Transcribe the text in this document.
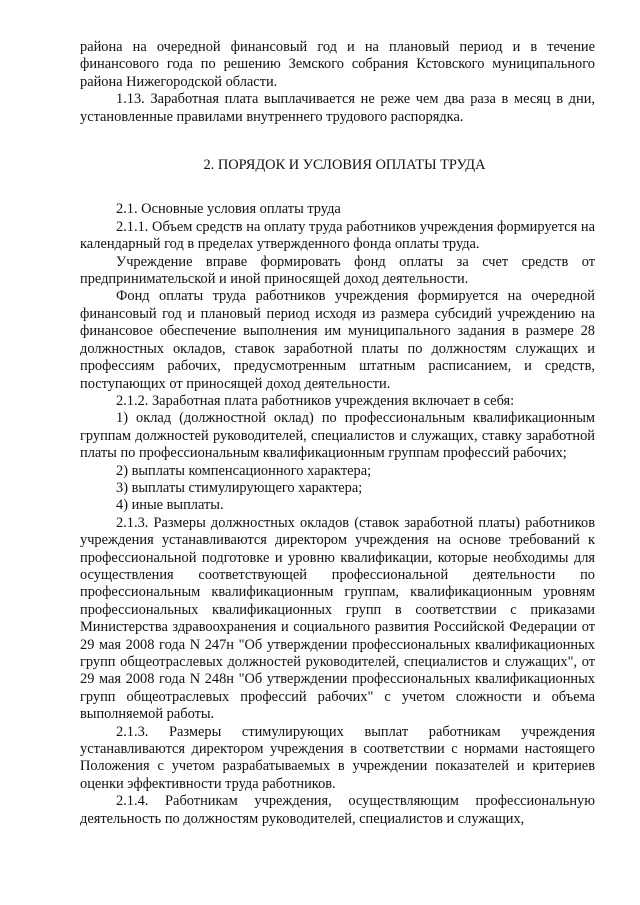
района на очередной финансовый год и на плановый период и в течение финансового года по решению Земского собрания Кстовского муниципального района Нижегородской области.

1.13. Заработная плата выплачивается не реже чем два раза в месяц в дни, установленные правилами внутреннего трудового распорядка.

2. ПОРЯДОК И УСЛОВИЯ ОПЛАТЫ ТРУДА

2.1. Основные условия оплаты труда

2.1.1. Объем средств на оплату труда работников учреждения формируется на календарный год в пределах утвержденного фонда оплаты труда.

Учреждение вправе формировать фонд оплаты за счет средств от предпринимательской и иной приносящей доход деятельности.

Фонд оплаты труда работников учреждения формируется на очередной финансовый год и плановый период исходя из размера субсидий учреждению на финансовое обеспечение выполнения им муниципального задания в размере 28 должностных окладов, ставок заработной платы по должностям служащих и профессиям рабочих, предусмотренным штатным расписанием, и средств, поступающих от приносящей доход деятельности.

2.1.2. Заработная плата работников учреждения включает в себя:

1) оклад (должностной оклад) по профессиональным квалификационным группам должностей руководителей, специалистов и служащих, ставку заработной платы по профессиональным квалификационным группам профессий рабочих;

2) выплаты компенсационного характера;

3) выплаты стимулирующего характера;

4) иные выплаты.

2.1.3. Размеры должностных окладов (ставок заработной платы) работников учреждения устанавливаются директором учреждения на основе требований к профессиональной подготовке и уровню квалификации, которые необходимы для осуществления соответствующей профессиональной деятельности по профессиональным квалификационным группам, квалификационным уровням профессиональных квалификационных групп в соответствии с приказами Министерства здравоохранения и социального развития Российской Федерации от 29 мая 2008 года N 247н "Об утверждении профессиональных квалификационных групп общеотраслевых должностей руководителей, специалистов и служащих", от 29 мая 2008 года N 248н "Об утверждении профессиональных квалификационных групп общеотраслевых профессий рабочих" с учетом сложности и объема выполняемой работы.

2.1.3. Размеры стимулирующих выплат работникам учреждения устанавливаются директором учреждения в соответствии с нормами настоящего Положения с учетом разрабатываемых в учреждении показателей и критериев оценки эффективности труда работников.

2.1.4. Работникам учреждения, осуществляющим профессиональную деятельность по должностям руководителей, специалистов и служащих,
